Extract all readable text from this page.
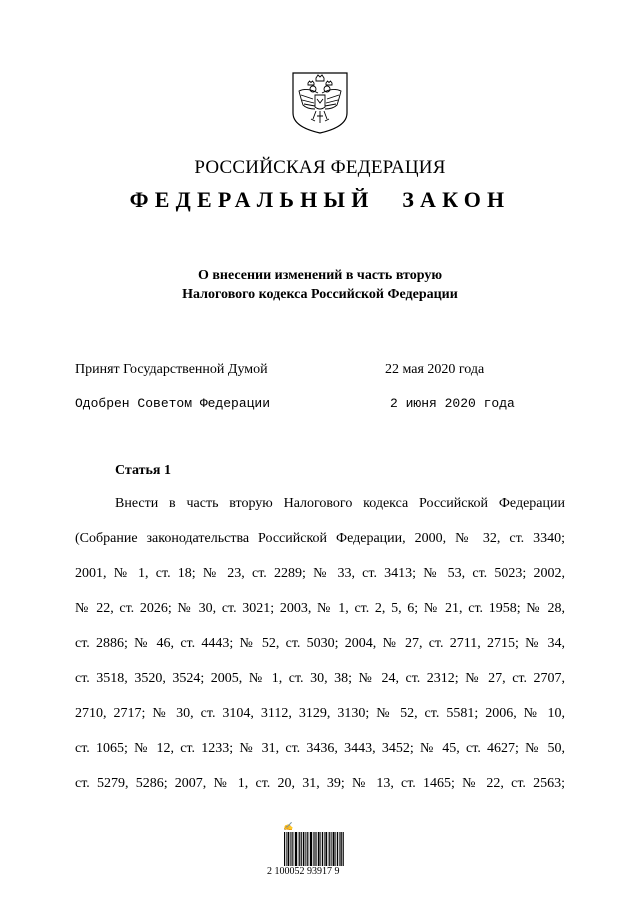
РОССИЙСКАЯ ФЕДЕРАЦИЯ
ФЕДЕРАЛЬНЫЙ ЗАКОН
О внесении изменений в часть вторую
Налогового кодекса Российской Федерации
Принят Государственной Думой	22 мая 2020 года
Одобрен Советом Федерации	2 июня 2020 года
Статья 1
Внести в часть вторую Налогового кодекса Российской Федерации
(Собрание законодательства Российской Федерации, 2000, № 32, ст. 3340;
2001, № 1, ст. 18; № 23, ст. 2289; № 33, ст. 3413; № 53, ст. 5023; 2002,
№ 22, ст. 2026; № 30, ст. 3021; 2003, № 1, ст. 2, 5, 6; № 21, ст. 1958; № 28,
ст. 2886; № 46, ст. 4443; № 52, ст. 5030; 2004, № 27, ст. 2711, 2715; № 34,
ст. 3518, 3520, 3524; 2005, № 1, ст. 30, 38; № 24, ст. 2312; № 27, ст. 2707,
2710, 2717; № 30, ст. 3104, 3112, 3129, 3130; № 52, ст. 5581; 2006, № 10,
ст. 1065; № 12, ст. 1233; № 31, ст. 3436, 3443, 3452; № 45, ст. 4627; № 50,
ст. 5279, 5286; 2007, № 1, ст. 20, 31, 39; № 13, ст. 1465; № 22, ст. 2563;
✍
2 100052 93917 9
